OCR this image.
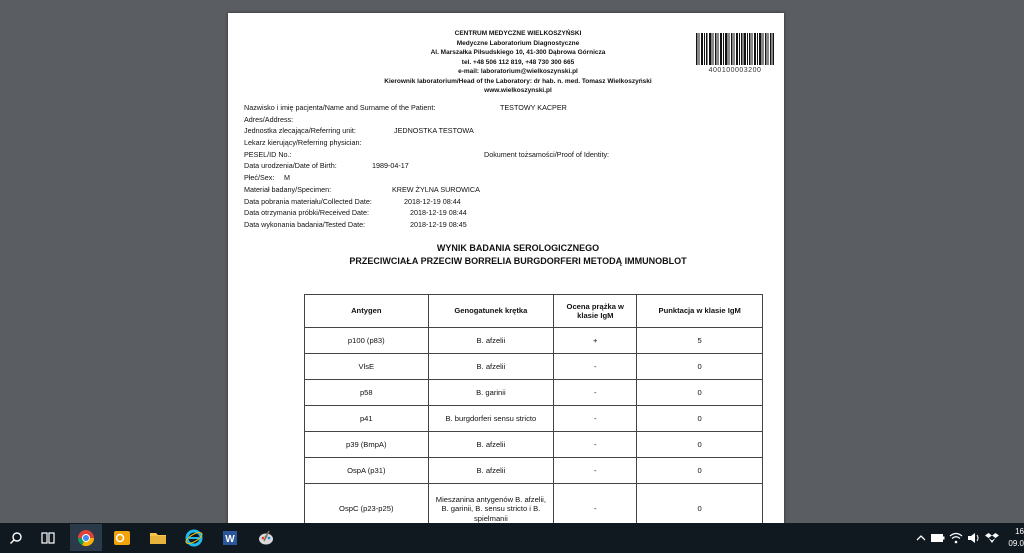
CENTRUM MEDYCZNE WIELKOSZYŃSKI
Medyczne Laboratorium Diagnostyczne
Al. Marszałka Piłsudskiego 10, 41-300 Dąbrowa Górnicza
tel. +48 506 112 819, +48 730 300 665
e-mail: laboratorium@wielkoszynski.pl
Kierownik laboratorium/Head of the Laboratory: dr hab. n. med. Tomasz Wielkoszyński
www.wielkoszynski.pl
400100003200
Nazwisko i imię pacjenta/Name and Surname of the Patient:	TESTOWY KACPER
Adres/Address:
Jednostka zlecająca/Referring unit:	JEDNOSTKA TESTOWA
Lekarz kierujący/Referring physician:
PESEL/ID No.:	Dokument tożsamości/Proof of Identity:
Data urodzenia/Date of Birth:	1989-04-17
Płeć/Sex: M
Materiał badany/Specimen:	KREW ŻYLNA SUROWICA
Data pobrania materiału/Collected Date:	2018-12-19 08:44
Data otrzymania próbki/Received Date:	2018-12-19 08:44
Data wykonania badania/Tested Date:	2018-12-19 08:45
WYNIK BADANIA SEROLOGICZNEGO
PRZECIWCIAŁA PRZECIW BORRELIA BURGDORFERI METODĄ IMMUNOBLOT
Antygen	Genogatunek krętka	Ocena prążka w klasie IgM	Punktacja w klasie IgM
p100 (p83)	B. afzelii	+	5
VlsE	B. afzelii	-	0
p58	B. garinii	-	0
p41	B. burgdorferi sensu stricto	-	0
p39 (BmpA)	B. afzelii	-	0
OspA (p31)	B. afzelii	-	0
OspC (p23-p25)	Mieszanina antygenów B. afzelii, B. garinii, B. sensu stricto i B. spielmanii	-	0
W
16
09.0
